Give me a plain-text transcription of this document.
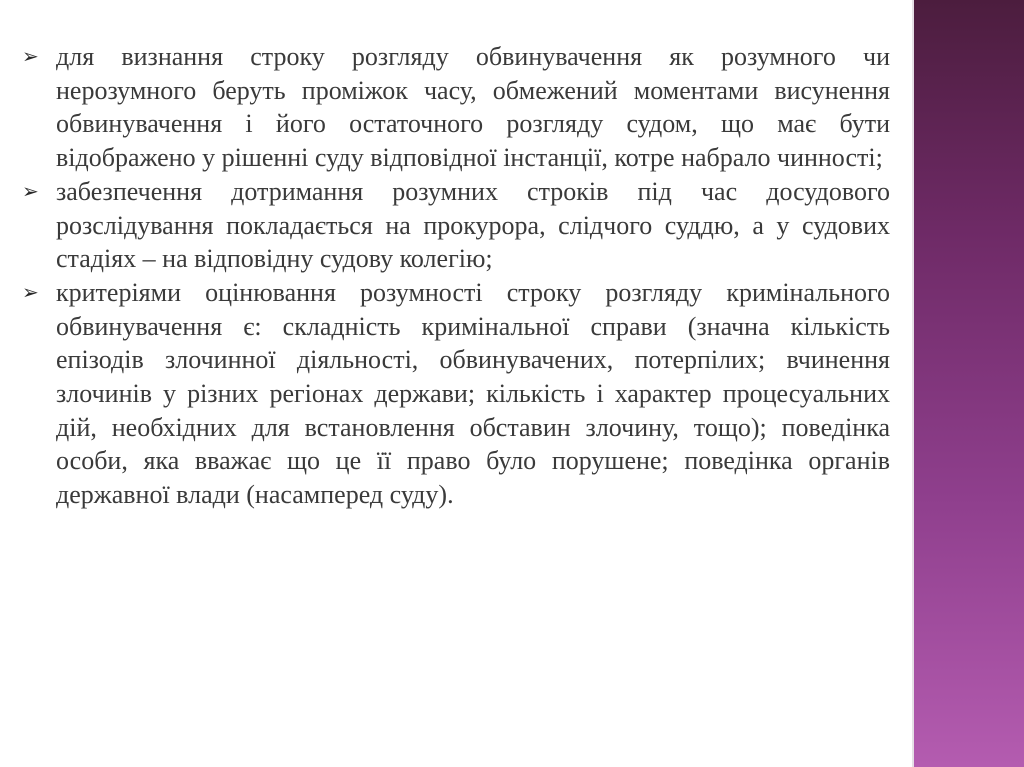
➢ для визнання строку розгляду обвинувачення як розумного чи нерозумного беруть проміжок часу, обмежений моментами висунення обвинувачення і його остаточного розгляду судом, що має бути відображено у рішенні суду відповідної інстанції, котре набрало чинності;
➢ забезпечення дотримання розумних строків під час досудового розслідування покладається на прокурора, слідчого суддю, а у судових стадіях – на відповідну судову колегію;
➢ критеріями оцінювання розумності строку розгляду кримінального обвинувачення є: складність кримінальної справи (значна кількість епізодів злочинної діяльності, обвинувачених, потерпілих; вчинення злочинів у різних регіонах держави; кількість і характер процесуальних дій, необхідних для встановлення обставин злочину, тощо); поведінка особи, яка вважає що це її право було порушене; поведінка органів державної влади (насамперед суду).
